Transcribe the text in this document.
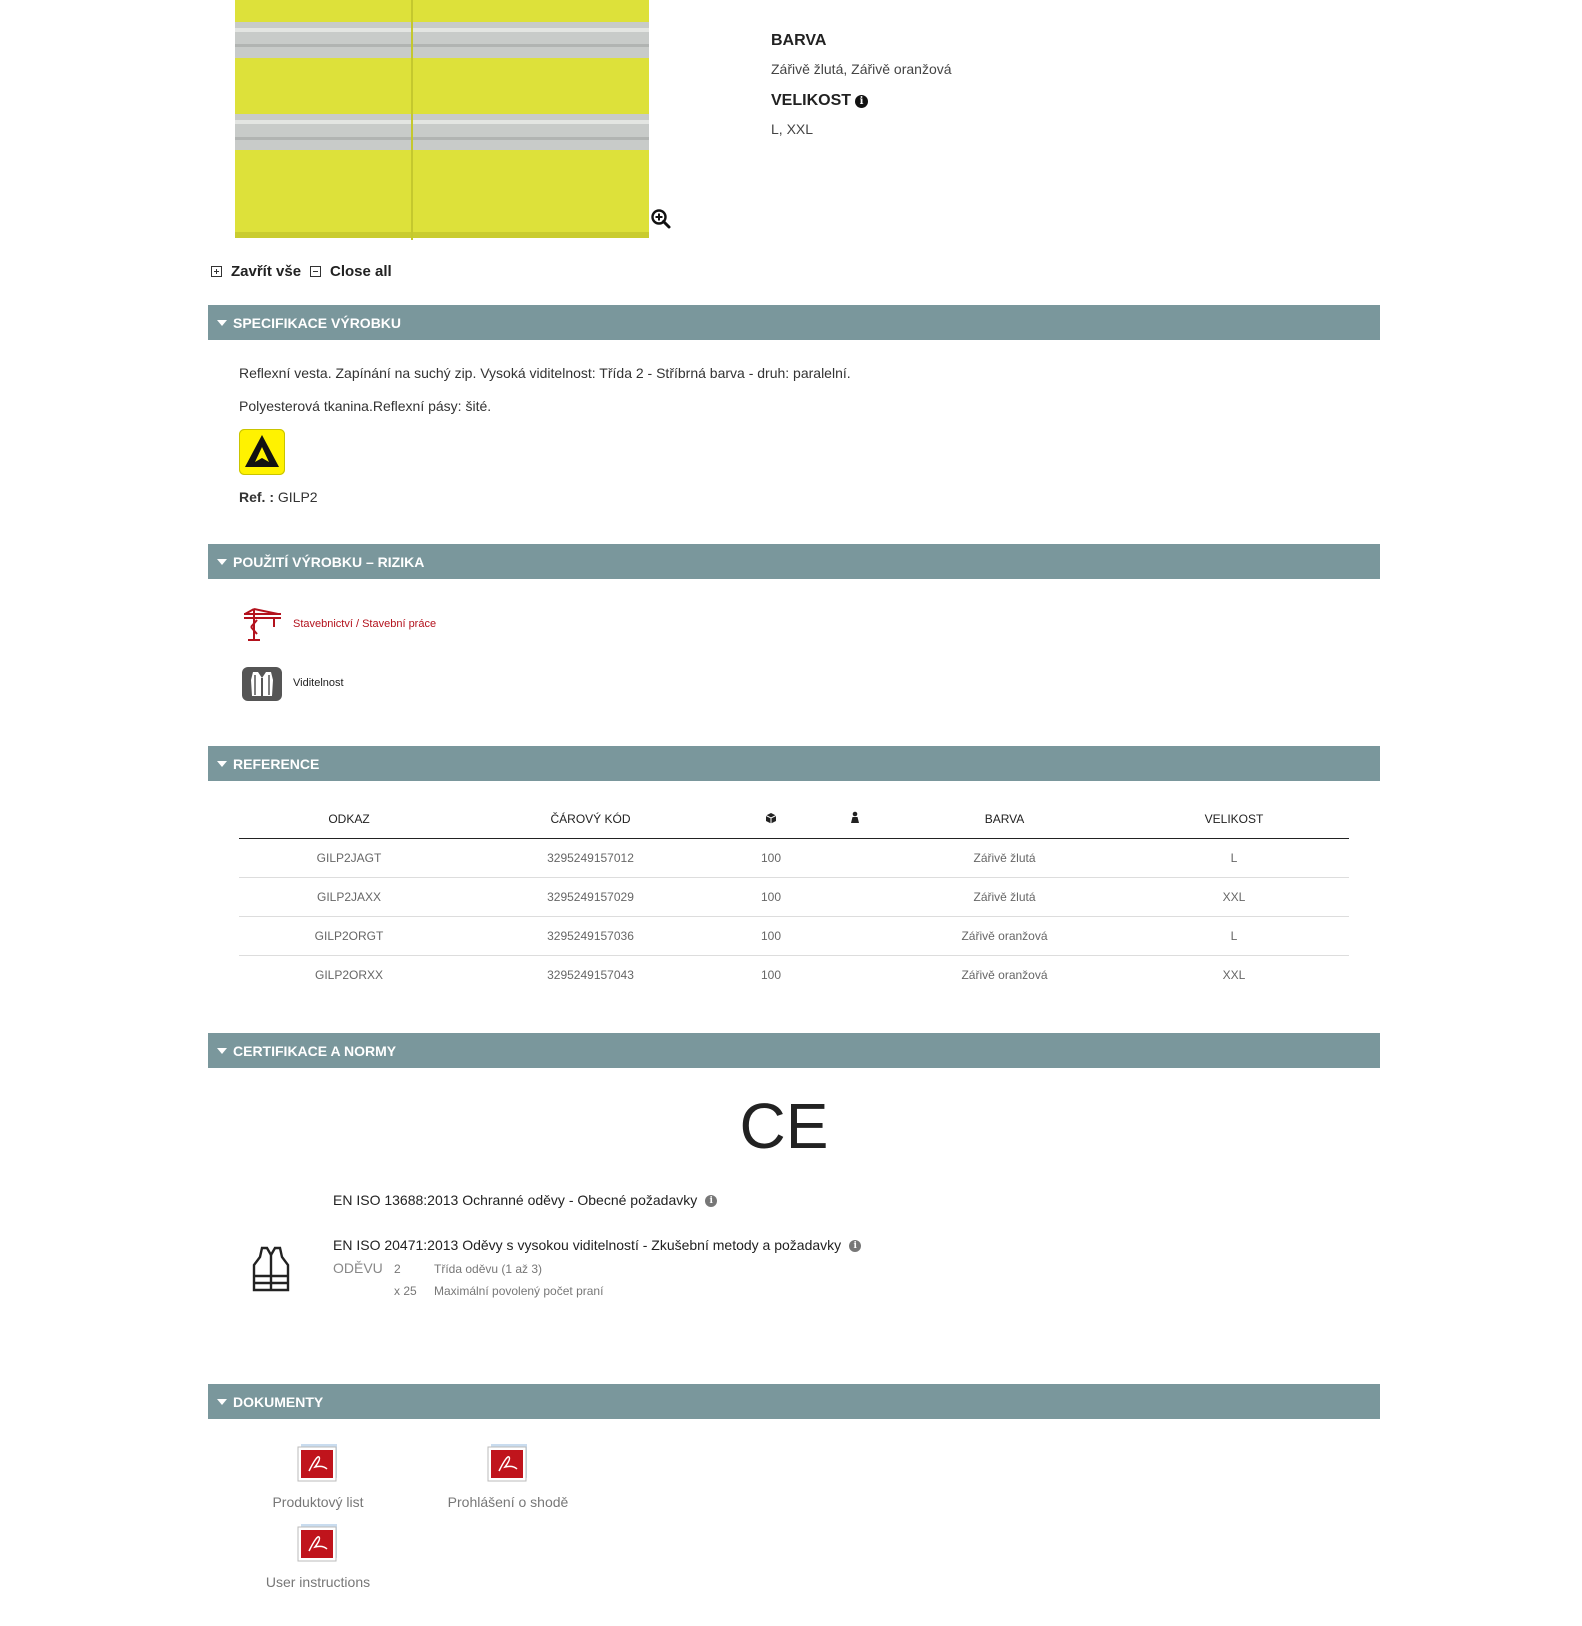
BARVA
Zářivě žlutá, Zářivě oranžová
VELIKOST i
L, XXL
Zavřít vše Close all
SPECIFIKACE VÝROBKU
Reflexní vesta. Zapínání na suchý zip. Vysoká viditelnost: Třída 2 - Stříbrná barva - druh: paralelní.
Polyesterová tkanina.Reflexní pásy: šité.
Ref. : GILP2
POUŽITÍ VÝROBKU – RIZIKA
Stavebnictví / Stavební práce
Viditelnost
REFERENCE
ODKAZ	ČÁROVÝ KÓD			BARVA	VELIKOST
GILP2JAGT	3295249157012	100		Zářivě žlutá	L
GILP2JAXX	3295249157029	100		Zářivě žlutá	XXL
GILP2ORGT	3295249157036	100		Zářivě oranžová	L
GILP2ORXX	3295249157043	100		Zářivě oranžová	XXL
CERTIFIKACE A NORMY
CE
EN ISO 13688:2013 Ochranné oděvy - Obecné požadavky i
EN ISO 20471:2013 Oděvy s vysokou viditelností - Zkušební metody a požadavky i
ODĚVU 2	Třída oděvu (1 až 3)
x 25 Maximální povolený počet praní
DOKUMENTY
Produktový list	Prohlášení o shodě
User instructions
